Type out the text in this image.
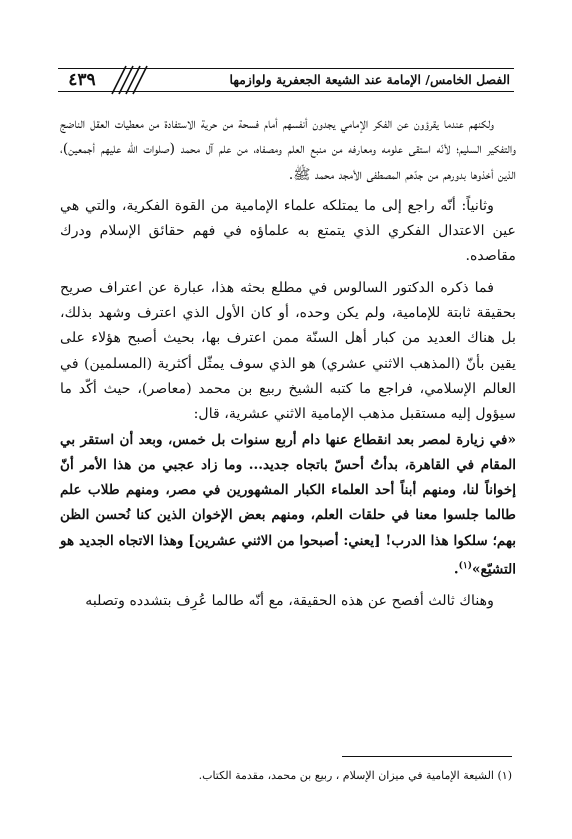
٤٣٩	الفصل الخامس/ الإمامة عند الشيعة الجعفرية ولوازمها

ولكنهم عندما يقرؤون عن الفكر الإمامي يجدون أنفسهم أمام فسحة من حرية الاستفادة من معطيات العقل الناضج والتفكير السليم؛ لأنّه استقى علومه ومعارفه من منبع العلم ومصفاه، من علم آل محمد (صلوات الله عليهم أجمعين)، الذين أخذوها بدورهم من جدّهم المصطفى الأمجد محمد ﷺ.

وثانياً: أنّه راجع إلى ما يمتلكه علماء الإمامية من القوة الفكرية، والتي هي عين الاعتدال الفكري الذي يتمتع به علماؤه في فهم حقائق الإسلام ودرك مقاصده.

فما ذكره الدكتور السالوس في مطلع بحثه هذا، عبارة عن اعتراف صريح بحقيقة ثابتة للإمامية، ولم يكن وحده، أو كان الأول الذي اعترف وشهد بذلك، بل هناك العديد من كبار أهل السنّة ممن اعترف بها، بحيث أصبح هؤلاء على يقين بأنّ (المذهب الاثني عشري) هو الذي سوف يمثّل أكثرية (المسلمين) في العالم الإسلامي، فراجع ما كتبه الشيخ ربيع بن محمد (معاصر)، حيث أكّد ما سيؤول إليه مستقبل مذهب الإمامية الاثني عشرية، قال:

«في زيارة لمصر بعد انقطاع عنها دام أربع سنوات بل خمس، وبعد أن استقر بي المقام في القاهرة، بدأتُ أحسّ باتجاه جديد... وما زاد عجبي من هذا الأمر أنّ إخواناً لنا، ومنهم أبناً أحد العلماء الكبار المشهورين في مصر، ومنهم طلاب علم طالما جلسوا معنا في حلقات العلم، ومنهم بعض الإخوان الذين كنا نُحسن الظن بهم؛ سلكوا هذا الدرب! [يعني: أصبحوا من الاثني عشرين] وهذا الاتجاه الجديد هو التشيّع»$^{(١)}$.

وهناك ثالث أفصح عن هذه الحقيقة، مع أنّه طالما عُرِف بتشدده وتصلبه

(١) الشيعة الإمامية في ميزان الإسلام ، ربيع بن محمد، مقدمة الكتاب.
